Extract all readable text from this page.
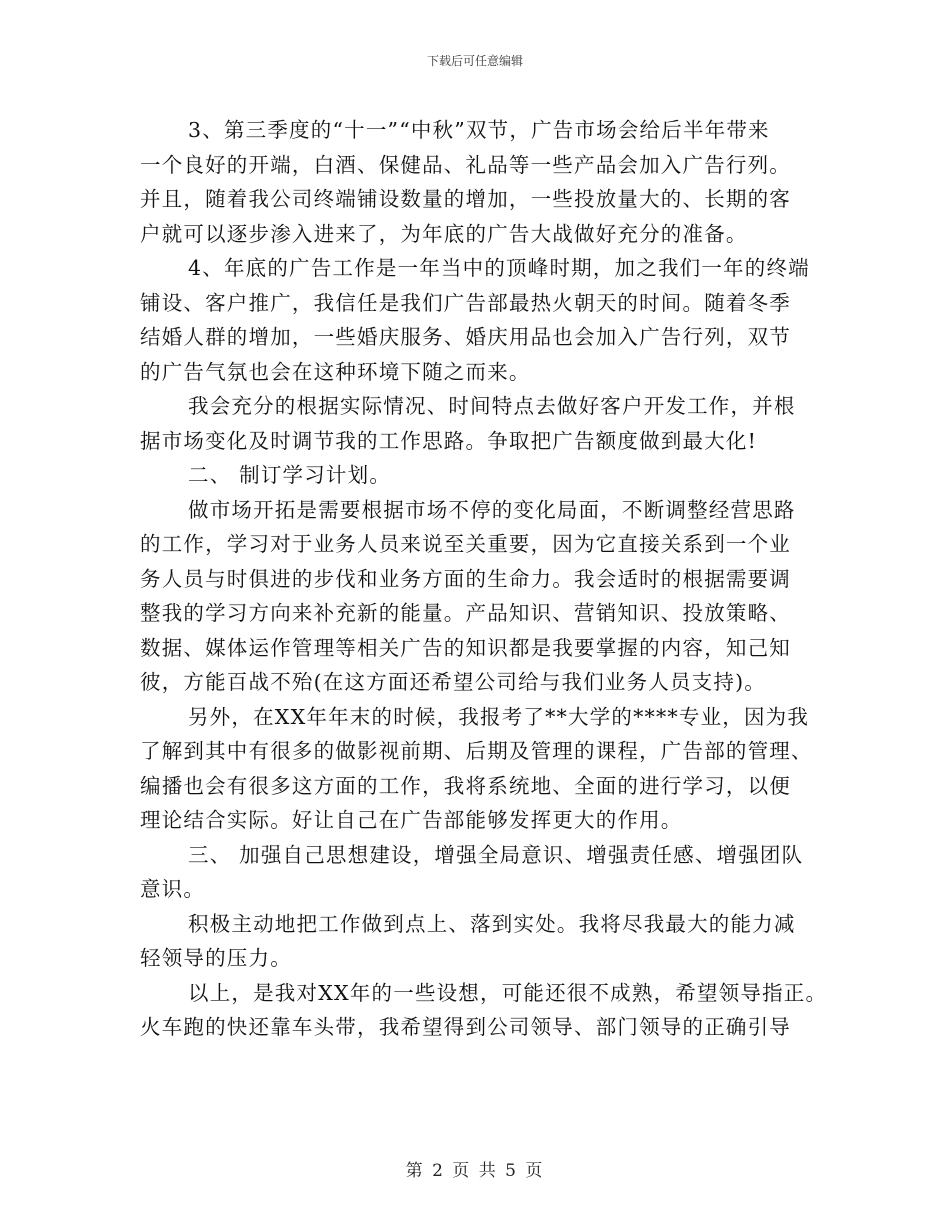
下载后可任意编辑
3、第三季度的“十一”“中秋”双节，广告市场会给后半年带来
一个良好的开端，白酒、保健品、礼品等一些产品会加入广告行列。
并且，随着我公司终端铺设数量的增加，一些投放量大的、长期的客
户就可以逐步渗入进来了，为年底的广告大战做好充分的准备。
4、年底的广告工作是一年当中的顶峰时期，加之我们一年的终端
铺设、客户推广，我信任是我们广告部最热火朝天的时间。随着冬季
结婚人群的增加，一些婚庆服务、婚庆用品也会加入广告行列，双节
的广告气氛也会在这种环境下随之而来。
我会充分的根据实际情况、时间特点去做好客户开发工作，并根
据市场变化及时调节我的工作思路。争取把广告额度做到最大化!
二、 制订学习计划。
做市场开拓是需要根据市场不停的变化局面，不断调整经营思路
的工作，学习对于业务人员来说至关重要，因为它直接关系到一个业
务人员与时俱进的步伐和业务方面的生命力。我会适时的根据需要调
整我的学习方向来补充新的能量。产品知识、营销知识、投放策略、
数据、媒体运作管理等相关广告的知识都是我要掌握的内容，知己知
彼，方能百战不殆(在这方面还希望公司给与我们业务人员支持)。
另外，在XX年年末的时候，我报考了**大学的****专业，因为我
了解到其中有很多的做影视前期、后期及管理的课程，广告部的管理、
编播也会有很多这方面的工作，我将系统地、全面的进行学习，以便
理论结合实际。好让自己在广告部能够发挥更大的作用。
三、 加强自己思想建设，增强全局意识、增强责任感、增强团队
意识。
积极主动地把工作做到点上、落到实处。我将尽我最大的能力减
轻领导的压力。
以上，是我对XX年的一些设想，可能还很不成熟，希望领导指正。
火车跑的快还靠车头带，我希望得到公司领导、部门领导的正确引导
第 2 页 共 5 页
